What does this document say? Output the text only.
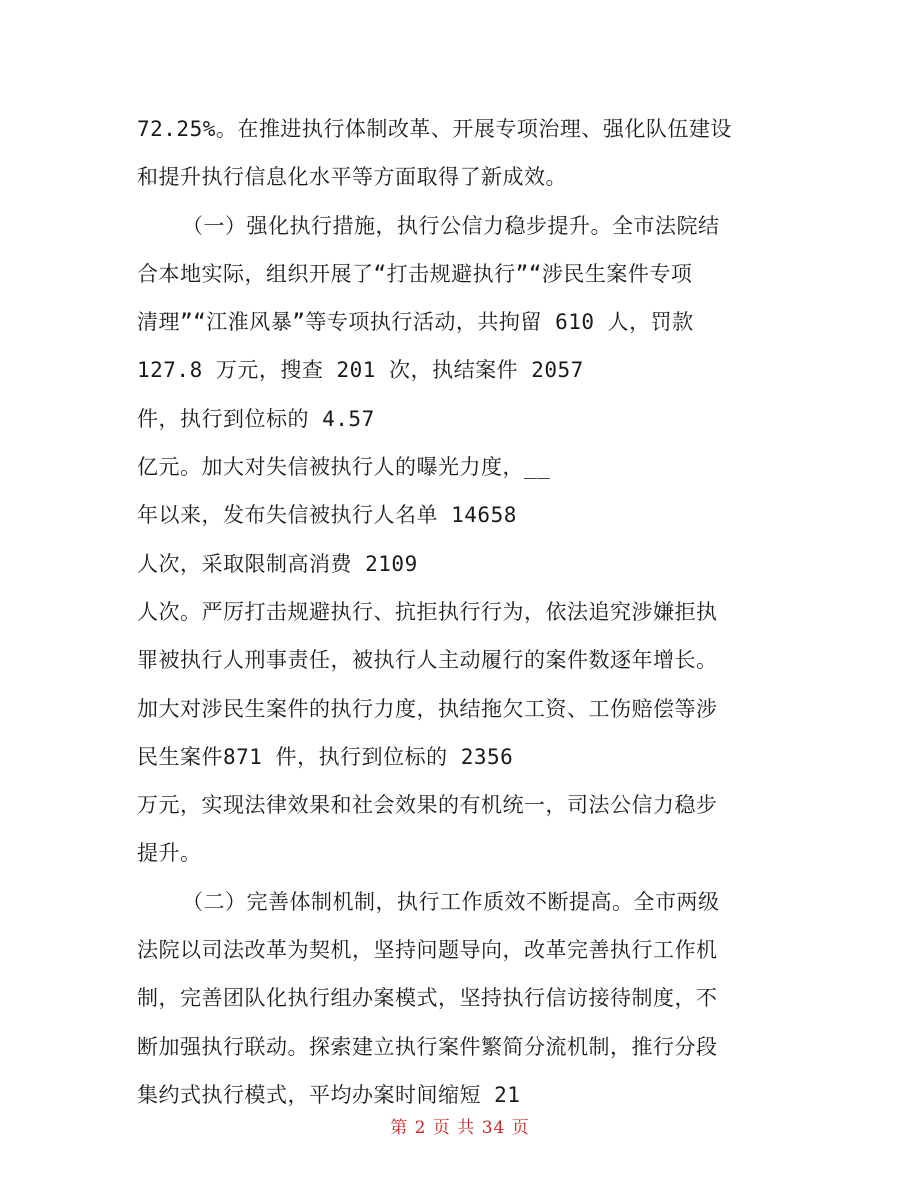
72.25%。在推进执行体制改革、开展专项治理、强化队伍建设
和提升执行信息化水平等方面取得了新成效。
（一）强化执行措施，执行公信力稳步提升。全市法院结
合本地实际，组织开展了“打击规避执行”“涉民生案件专项
清理”“江淮风暴”等专项执行活动，共拘留 610 人，罚款
127.8 万元，搜查 201 次，执结案件 2057
件，执行到位标的 4.57
亿元。加大对失信被执行人的曝光力度，__
年以来，发布失信被执行人名单 14658
人次，采取限制高消费 2109
人次。严厉打击规避执行、抗拒执行行为，依法追究涉嫌拒执
罪被执行人刑事责任，被执行人主动履行的案件数逐年增长。
加大对涉民生案件的执行力度，执结拖欠工资、工伤赔偿等涉
民生案件871 件，执行到位标的 2356
万元，实现法律效果和社会效果的有机统一，司法公信力稳步
提升。
（二）完善体制机制，执行工作质效不断提高。全市两级
法院以司法改革为契机，坚持问题导向，改革完善执行工作机
制，完善团队化执行组办案模式，坚持执行信访接待制度，不
断加强执行联动。探索建立执行案件繁简分流机制，推行分段
集约式执行模式，平均办案时间缩短 21
第 2 页 共 34 页
